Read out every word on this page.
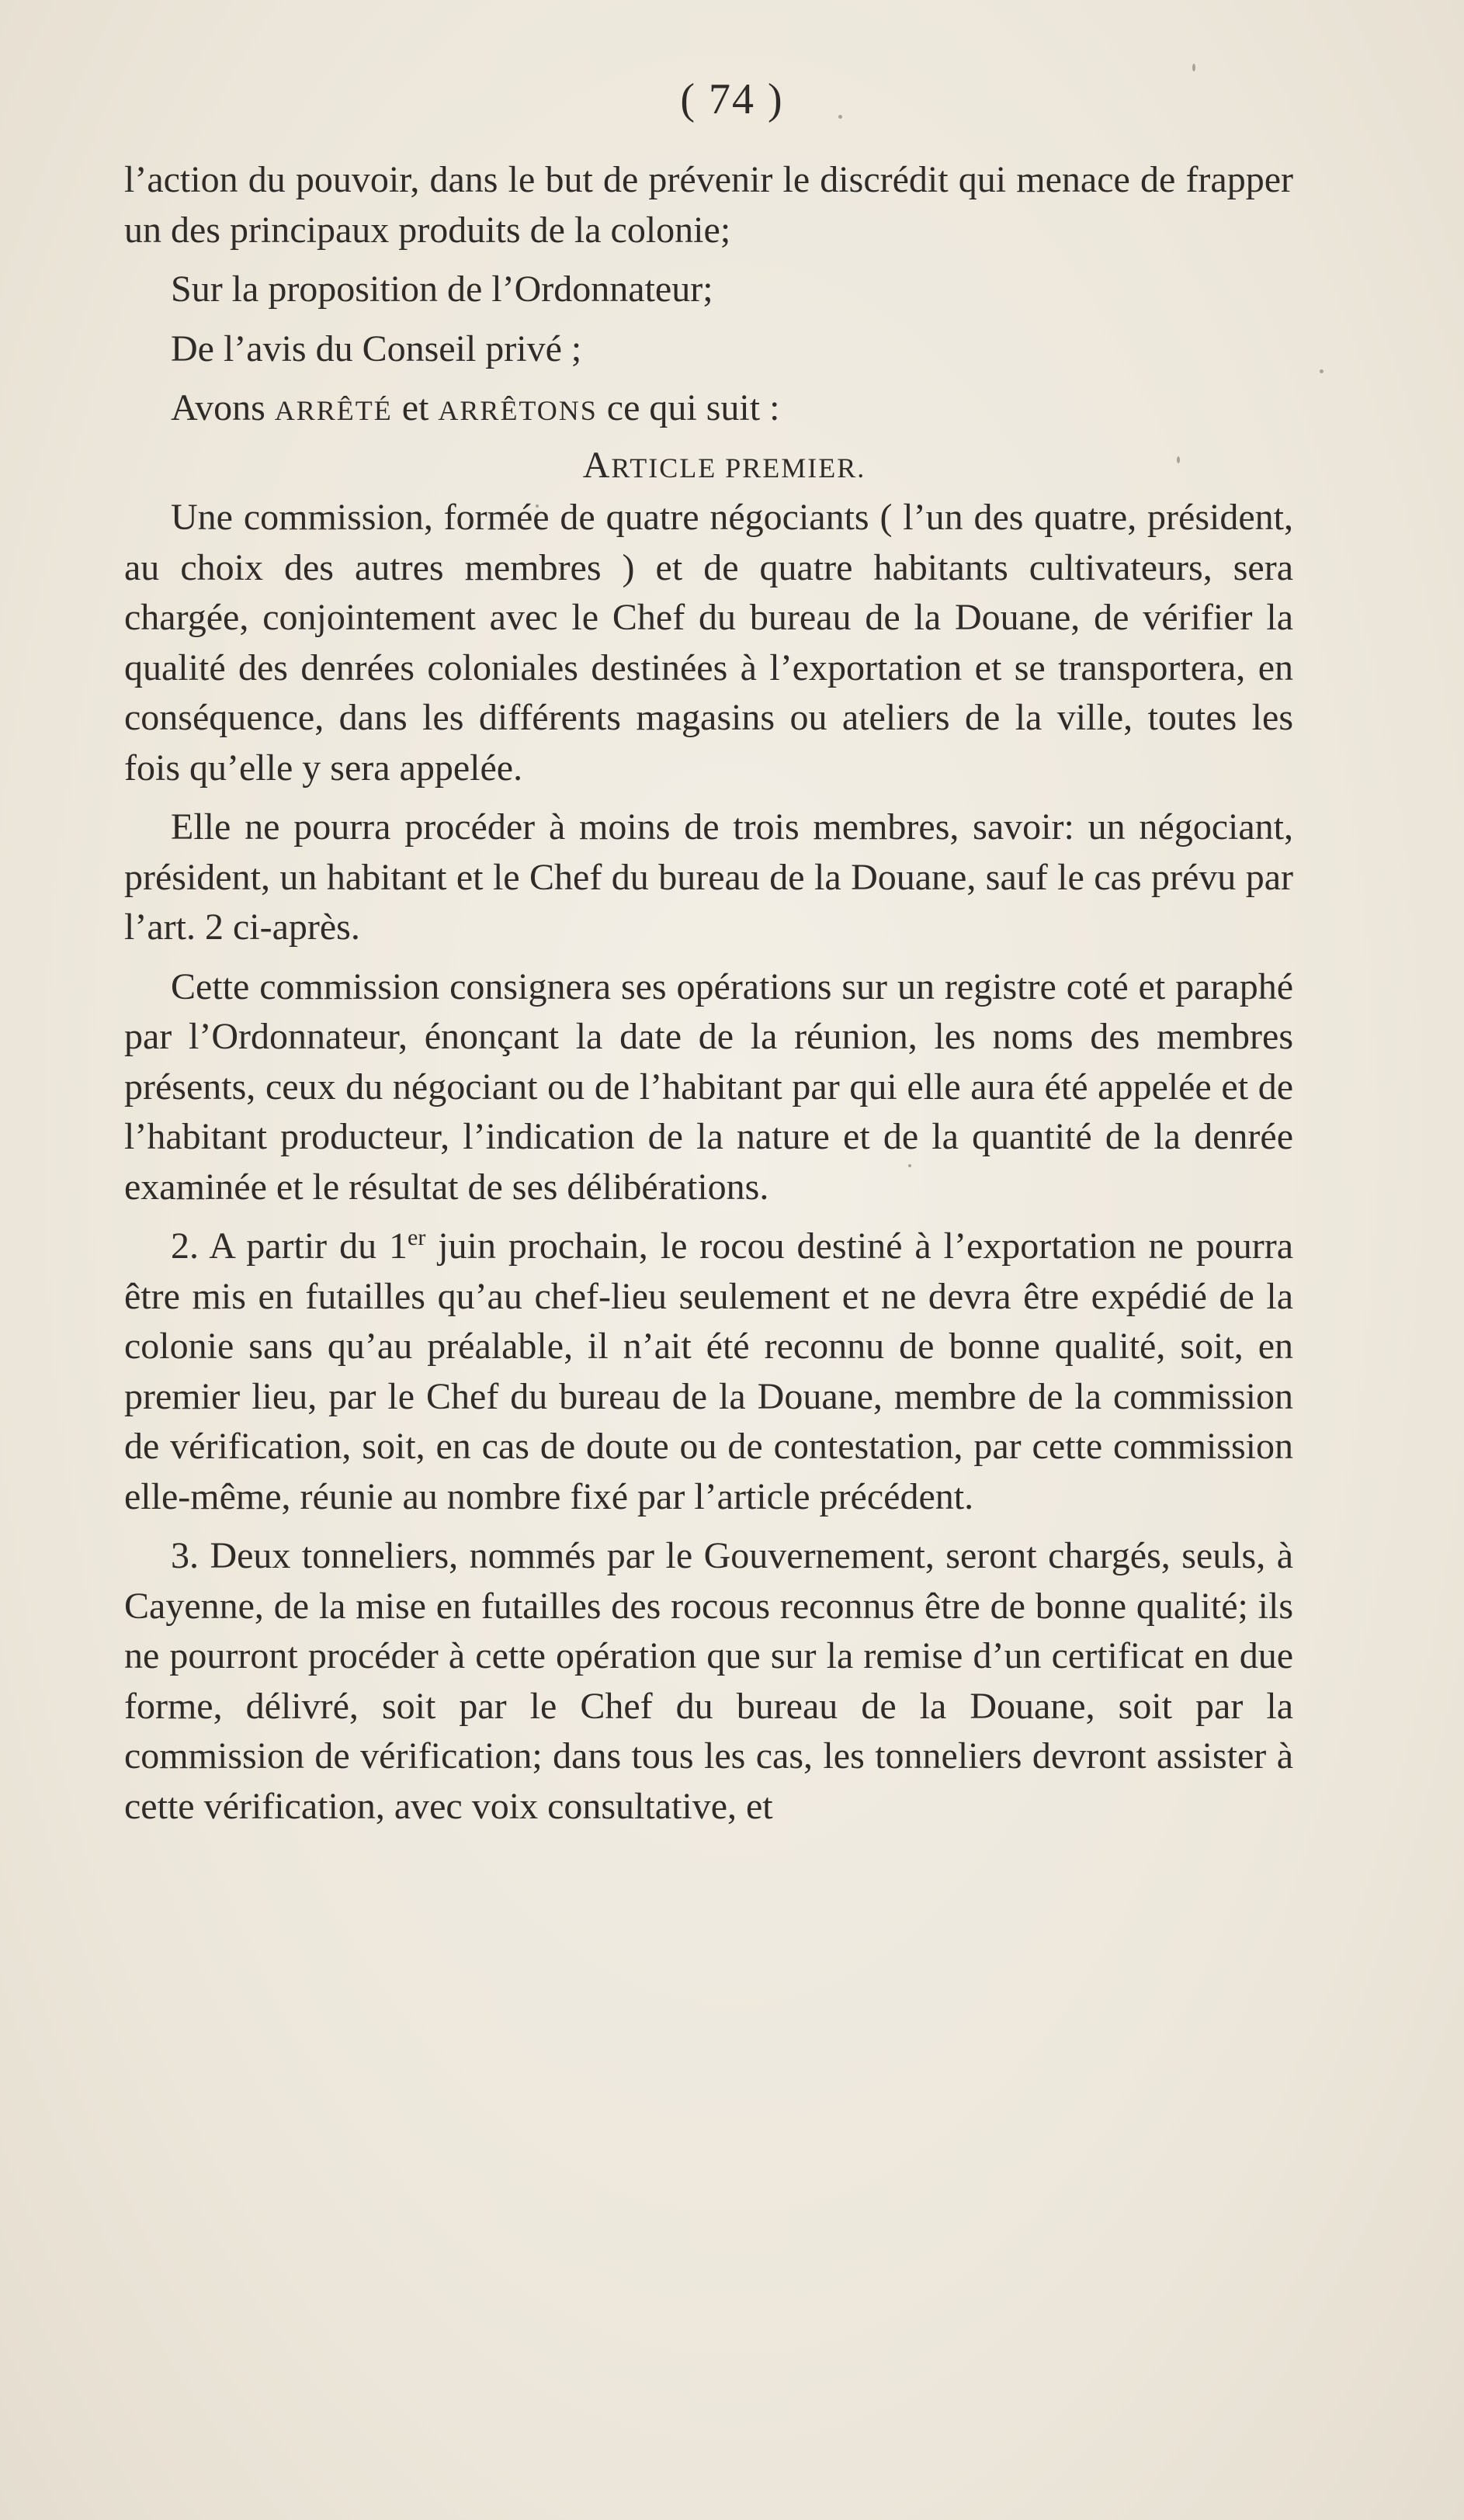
( 74 )

l’action du pouvoir, dans le but de prévenir le discrédit qui menace de frapper un des principaux produits de la colonie;

Sur la proposition de l’Ordonnateur;

De l’avis du Conseil privé ;

Avons ARRÊTÉ et ARRÊTONS ce qui suit :

ARTICLE PREMIER.

Une commission, formée de quatre négociants ( l’un des quatre, président, au choix des autres membres ) et de quatre habitants cultivateurs, sera chargée, conjointement avec le Chef du bureau de la Douane, de vérifier la qualité des denrées coloniales destinées à l’exportation et se transportera, en conséquence, dans les différents magasins ou ateliers de la ville, toutes les fois qu’elle y sera appelée.

Elle ne pourra procéder à moins de trois membres, savoir: un négociant, président, un habitant et le Chef du bureau de la Douane, sauf le cas prévu par l’art. 2 ci-après.

Cette commission consignera ses opérations sur un registre coté et paraphé par l’Ordonnateur, énonçant la date de la réunion, les noms des membres présents, ceux du négociant ou de l’habitant par qui elle aura été appelée et de l’habitant producteur, l’indication de la nature et de la quantité de la denrée examinée et le résultat de ses délibérations.

2. A partir du 1er juin prochain, le rocou destiné à l’exportation ne pourra être mis en futailles qu’au chef-lieu seulement et ne devra être expédié de la colonie sans qu’au préalable, il n’ait été reconnu de bonne qualité, soit, en premier lieu, par le Chef du bureau de la Douane, membre de la commission de vérification, soit, en cas de doute ou de contestation, par cette commission elle-même, réunie au nombre fixé par l’article précédent.

3. Deux tonneliers, nommés par le Gouvernement, seront chargés, seuls, à Cayenne, de la mise en futailles des rocous reconnus être de bonne qualité; ils ne pourront procéder à cette opération que sur la remise d’un certificat en due forme, délivré, soit par le Chef du bureau de la Douane, soit par la commission de vérification; dans tous les cas, les tonneliers devront assister à cette vérification, avec voix consultative, et
